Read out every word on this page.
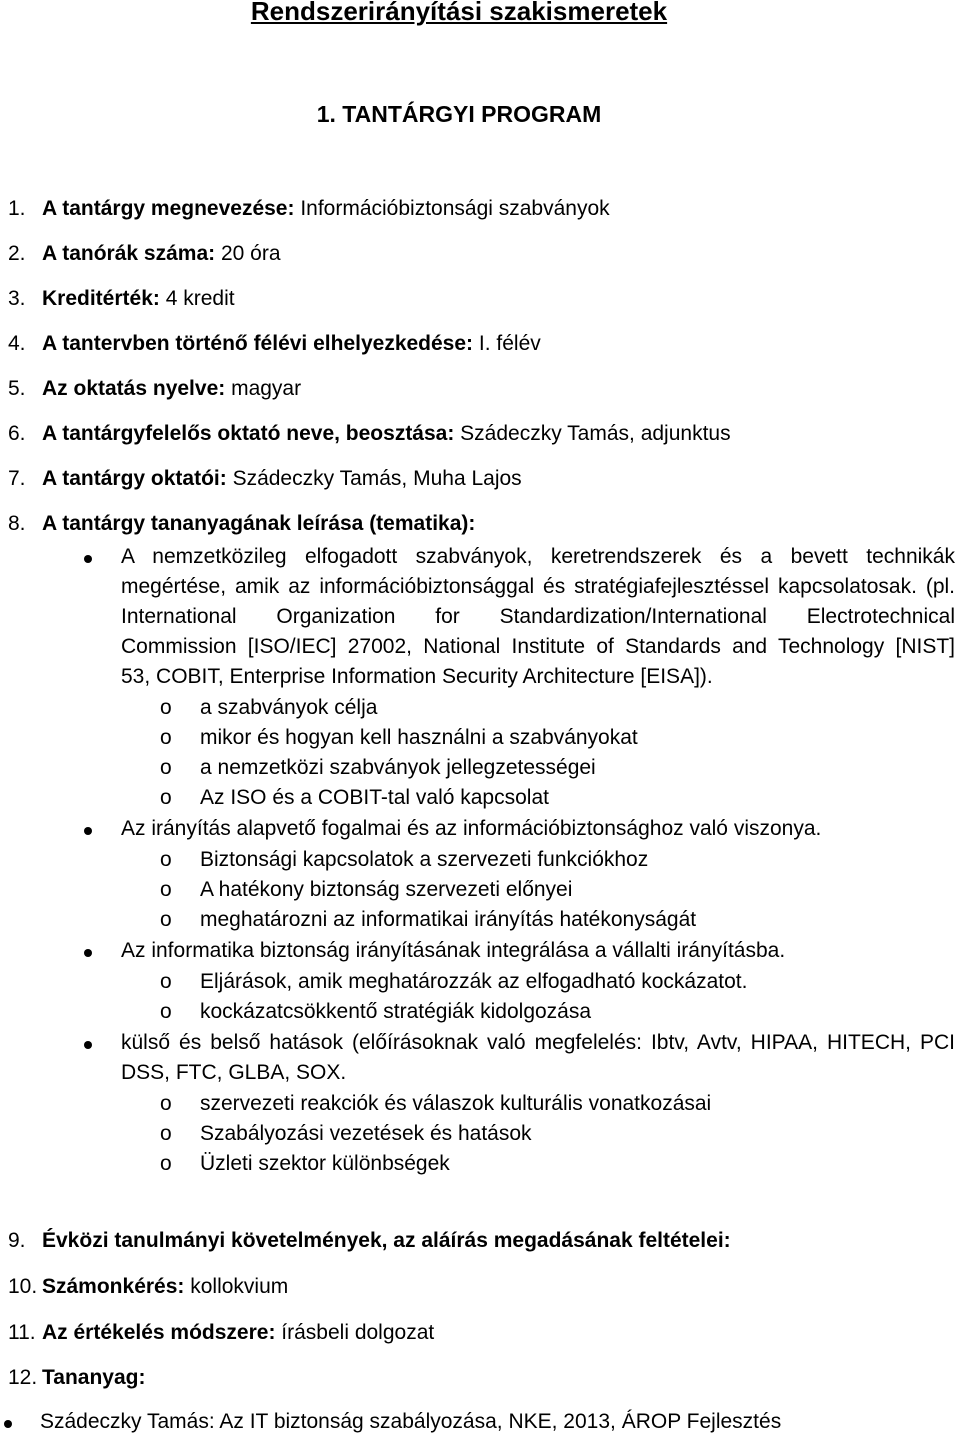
Rendszerirányítási szakismeretek
1. TANTÁRGYI PROGRAM
1. A tantárgy megnevezése: Információbiztonsági szabványok
2. A tanórák száma: 20 óra
3. Kreditérték: 4 kredit
4. A tantervben történő félévi elhelyezkedése: I. félév
5. Az oktatás nyelve: magyar
6. A tantárgyfelelős oktató neve, beosztása: Szádeczky Tamás, adjunktus
7. A tantárgy oktatói: Szádeczky Tamás, Muha Lajos
8. A tantárgy tananyagának leírása (tematika):
A nemzetközileg elfogadott szabványok, keretrendszerek és a bevett technikák
megértése, amik az információbiztonsággal és stratégiafejlesztéssel kapcsolatosak. (pl.
International Organization for Standardization/International Electrotechnical
Commission [ISO/IEC] 27002, National Institute of Standards and Technology [NIST]
53, COBIT, Enterprise Information Security Architecture [EISA]).
o a szabványok célja
o mikor és hogyan kell használni a szabványokat
o a nemzetközi szabványok jellegzetességei
o Az ISO és a COBIT-tal való kapcsolat
Az irányítás alapvető fogalmai és az információbiztonsághoz való viszonya.
o Biztonsági kapcsolatok a szervezeti funkciókhoz
o A hatékony biztonság szervezeti előnyei
o meghatározni az informatikai irányítás hatékonyságát
Az informatika biztonság irányításának integrálása a vállalti irányításba.
o Eljárások, amik meghatározzák az elfogadható kockázatot.
o kockázatcsökkentő stratégiák kidolgozása
külső és belső hatások (előírásoknak való megfelelés: Ibtv, Avtv, HIPAA, HITECH, PCI
DSS, FTC, GLBA, SOX.
o szervezeti reakciók és válaszok kulturális vonatkozásai
o Szabályozási vezetések és hatások
o Üzleti szektor különbségek
9. Évközi tanulmányi követelmények, az aláírás megadásának feltételei:
10. Számonkérés: kollokvium
11. Az értékelés módszere: írásbeli dolgozat
12. Tananyag:
Szádeczky Tamás: Az IT biztonság szabályozása, NKE, 2013, ÁROP Fejlesztés
